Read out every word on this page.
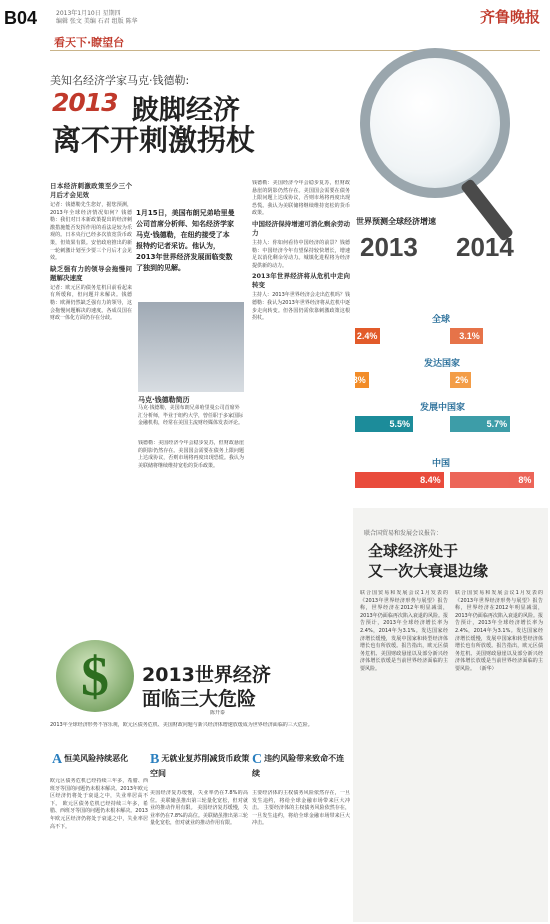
B04	2013年1月10日 星期四
编辑 张文 美编 石君 组版 陈华	齐鲁晚报
看天下·瞭望台
美知名经济学家马克·钱德勒:
2013 跛脚经济
离不开刺激拐杖
日本经济刺激政策至少三个月后才会见效
记者：钱德勒先生您好，据您预测，2013年全球经济情况如何？钱德勒：我们对日本新政策提出的经济刺激措施能否发挥作用的看法是较为乐观的。日本央行已经多次放宽货币政策，但效果有限。安倍政府推出的新一轮刺激计划至少要三个月后才会见效。
缺乏强有力的领导会拖慢问题解决速度
记者：欧元区的债务危机目前看起来有所缓和，但问题并未解决。钱德勒：欧洲仍然缺乏强有力的领导，这会拖慢问题解决的速度。各成员国在财政一体化方面仍存在分歧。
1月15日，美国布朗兄弟哈里曼公司首席分析师、知名经济学家马克·钱德勒，在纽约接受了本报特约记者采访。他认为，2013年世界经济发展面临变数了独到的见解。
马克·钱德勒简历
马克·钱德勒，美国布朗兄弟哈里曼公司首席外汇分析师，毕业于纽约大学，曾任职于多家国际金融机构，经常在美国主流财经媒体发表评论。
钱德勒：美国经济今年会稳步复苏，但财政悬崖的阴影仍然存在。美国国会需要在债务上限问题上达成协议，否则市场将再度出现恐慌。我认为美联储将继续维持宽松的货币政策。
钱德勒：美国经济今年会稳步复苏，但财政悬崖的阴影仍然存在。美国国会需要在债务上限问题上达成协议，否则市场将再度出现恐慌。我认为美联储将继续维持宽松的货币政策。
中国经济保持增速可消化剩余劳动力
主持人：你如何看待中国经济的前景？钱德勒：中国经济今年有望保持较快增长，增速足以消化剩余劳动力。城镇化进程将为经济提供新的动力。
2013年世界经济将从危机中走向转变
主持人：2013年世界经济会走出危机吗？钱德勒：我认为2013年世界经济将从危机中逐步走向转变。但各国仍需依靠刺激政策这根拐杖。
世界预测全球经济增速
2013 2014
全球
2.4%	3.1%
发达国家
1.3%	2%
发展中国家
5.5%	5.7%
中国
8.4%	8%
联合国贸易和发展会议报告：
全球经济处于
又一次大衰退边缘
联合国贸易和发展会议1月发表的《2013年世界经济形势与展望》报告称，世界经济在2012年明显减弱，2013年仍面临再次陷入衰退的风险。报告预计，2013年全球经济增长率为2.4%，2014年为3.1%。发达国家经济增长缓慢，发展中国家和转型经济体增长也有所放缓。报告指出，欧元区债务危机、美国财政悬崖以及部分新兴经济体增长放缓是当前世界经济面临的主要风险。
联合国贸易和发展会议1月发表的《2013年世界经济形势与展望》报告称，世界经济在2012年明显减弱，2013年仍面临再次陷入衰退的风险。报告预计，2013年全球经济增长率为2.4%，2014年为3.1%。发达国家经济增长缓慢，发展中国家和转型经济体增长也有所放缓。报告指出，欧元区债务危机、美国财政悬崖以及部分新兴经济体增长放缓是当前世界经济面临的主要风险。 （新华）
$ 2013世界经济
面临三大危险
陈开泰
2013年全球经济形势不容乐观，欧元区债务危机、美国财政问题与新兴经济体增速放缓成为世界经济面临的三大危险。
A恒美风险持续恶化
欧元区债务危机已经持续三年多，希腊、西班牙等国的问题仍未根本解决。2013年欧元区经济仍将处于衰退之中，失业率居高不下。 欧元区债务危机已经持续三年多，希腊、西班牙等国的问题仍未根本解决。2013年欧元区经济仍将处于衰退之中，失业率居高不下。
B无就业复苏削减货币政策空间
美国经济复苏缓慢，失业率仍在7.8%的高位。美联储虽推出第三轮量化宽松，但对就业的推动作用有限。 美国经济复苏缓慢，失业率仍在7.8%的高位。美联储虽推出第三轮量化宽松，但对就业的推动作用有限。
C违约风险带来致命不连续
主要经济体的主权债务风险依然存在，一旦发生违约，将给全球金融市场带来巨大冲击。 主要经济体的主权债务风险依然存在，一旦发生违约，将给全球金融市场带来巨大冲击。
